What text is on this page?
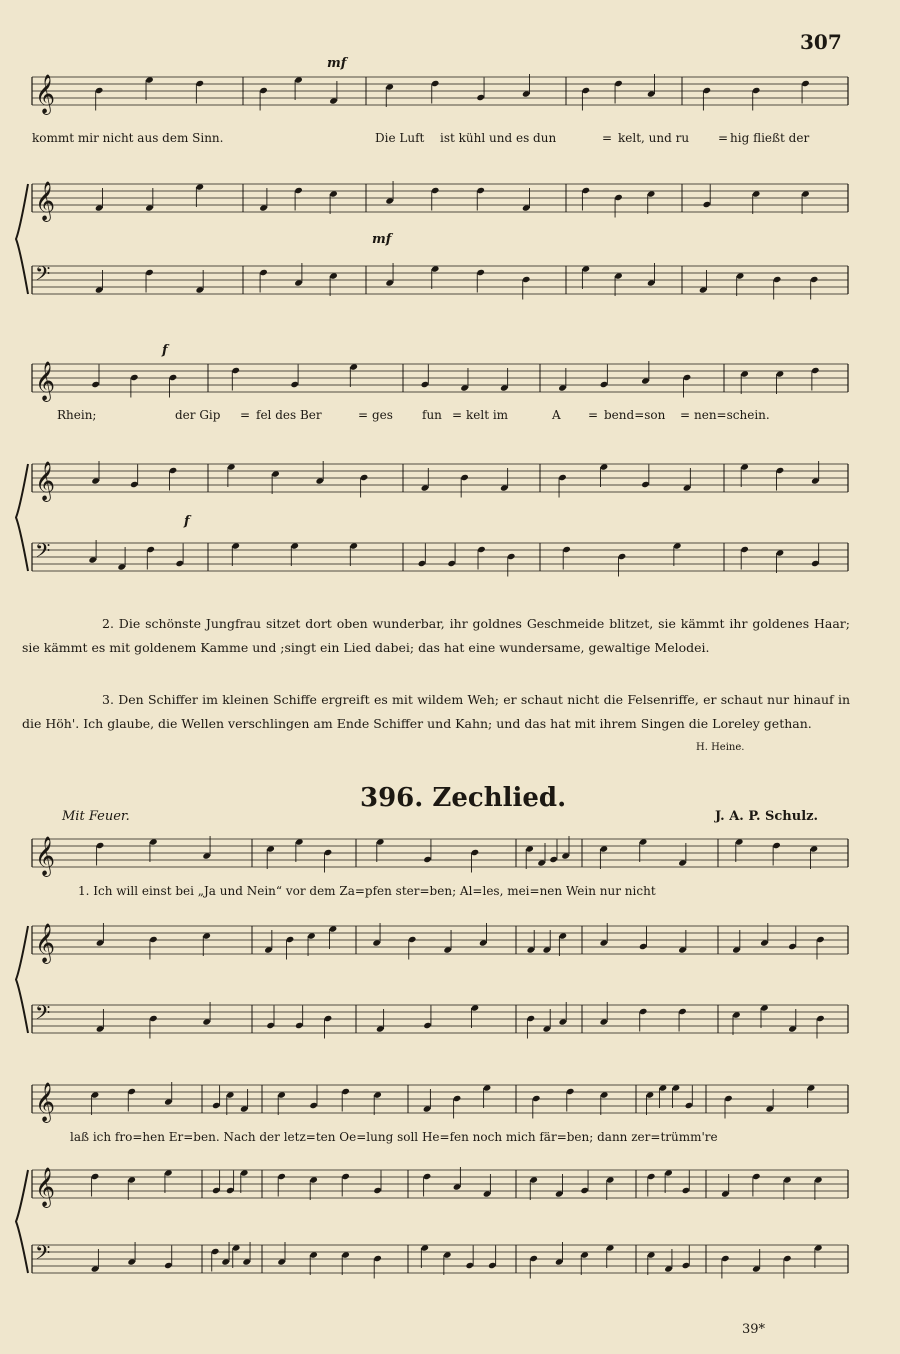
307
mf
kommt mir nicht aus dem Sinn.	Die Luft ist kühl und es dun	= kelt, und ru = hig fließt der
mf
f
Rhein;	der Gip = fel des Ber	= ges fun = kelt im	A = bend=son = nen=schein.
f
2. Die schönste Jungfrau sitzet dort oben wunderbar, ihr goldnes Geschmeide blitzet, sie kämmt ihr goldenes Haar; sie kämmt es mit goldenem Kamme und ;singt ein Lied dabei; das hat eine wundersame, gewaltige Melodei.
3. Den Schiffer im kleinen Schiffe ergreift es mit wildem Weh; er schaut nicht die Felsenriffe, er schaut nur hinauf in die Höh'. Ich glaube, die Wellen verschlingen am Ende Schiffer und Kahn; und das hat mit ihrem Singen die Loreley gethan.
H. Heine.
396. Zechlied.
Mit Feuer.	J. A. P. Schulz.
1. Ich will einst bei „Ja und Nein“ vor dem Za=pfen ster=ben; Al=les, mei=nen Wein nur nicht
laß ich fro=hen Er=ben. Nach der letz=ten Oe=lung soll He=fen noch mich fär=ben; dann zer=trümm're
39*
𝄞
𝄞
𝄢
𝄞
𝄞
𝄢
𝄞
𝄞
𝄢
𝄞
𝄞
𝄢
